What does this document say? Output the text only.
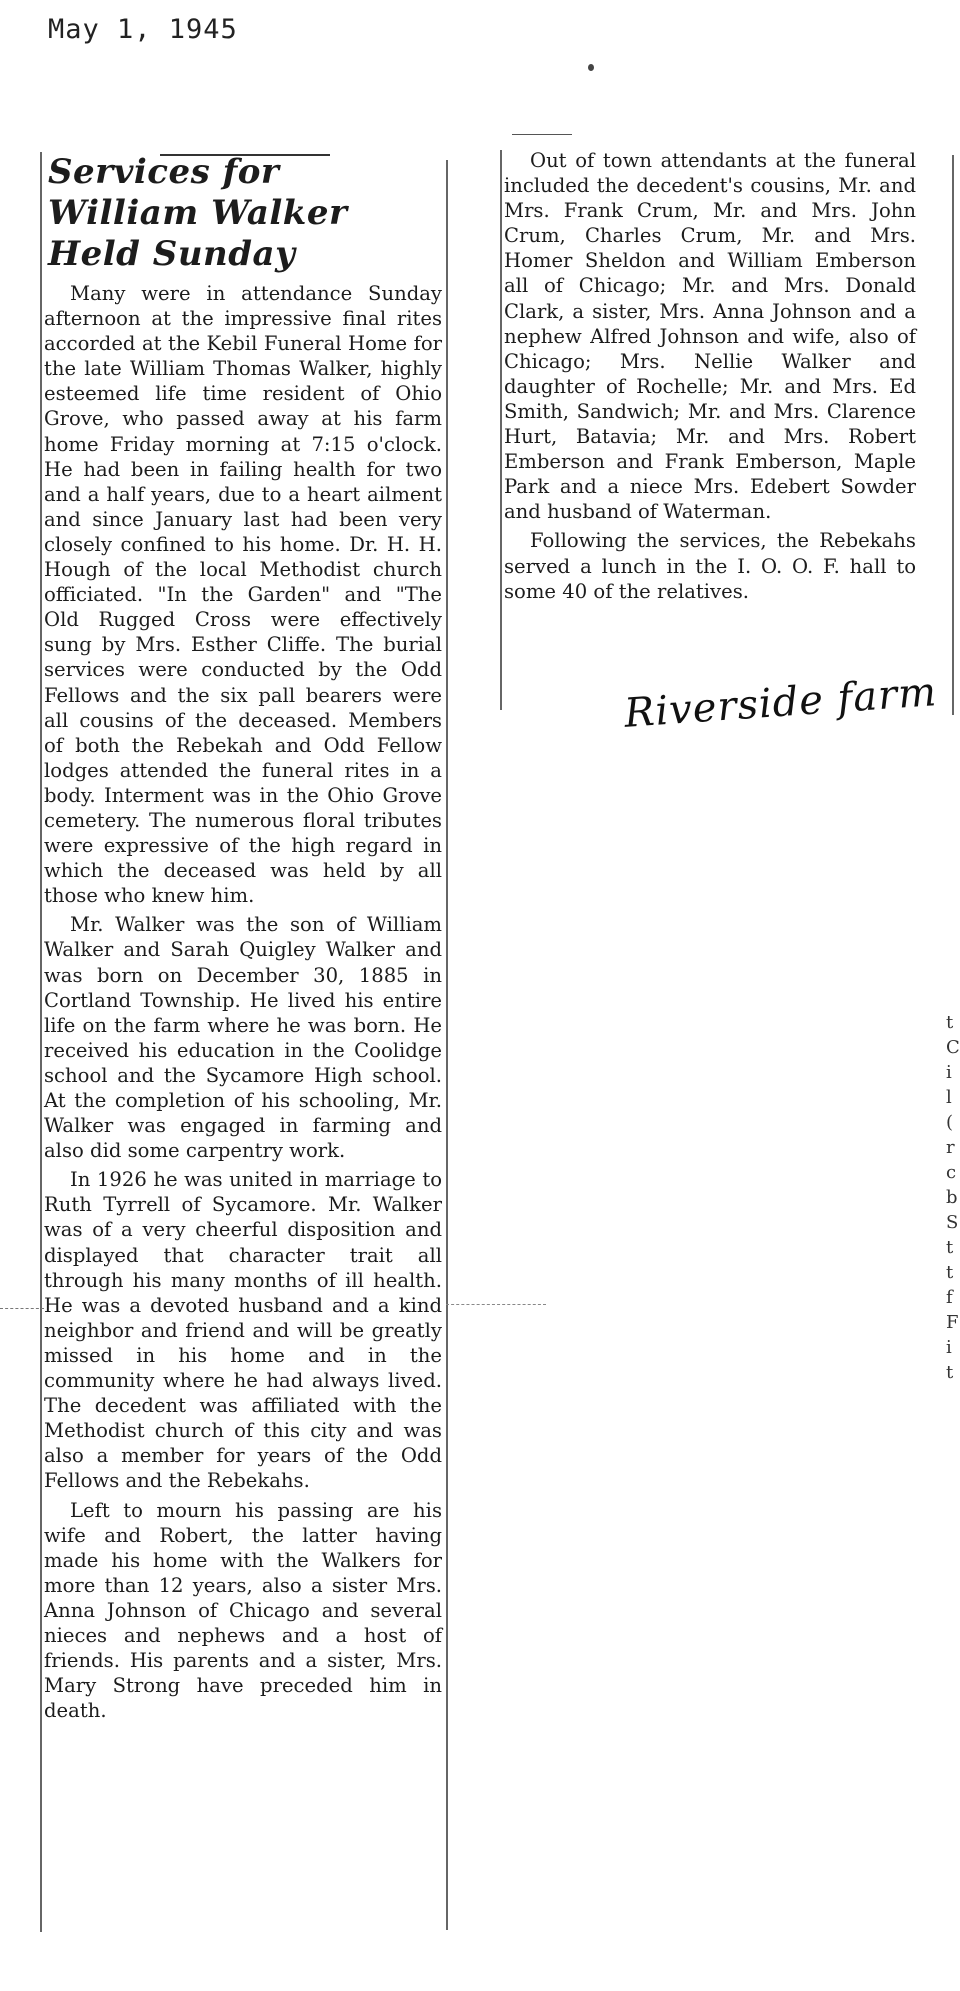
May 1, 1945
Services for William Walker Held Sunday

Many were in attendance Sunday afternoon at the impressive final rites accorded at the Kebil Funeral Home for the late William Thomas Walker, highly esteemed life time resident of Ohio Grove, who passed away at his farm home Friday morning at 7:15 o'clock. He had been in failing health for two and a half years, due to a heart ailment and since January last had been very closely confined to his home. Dr. H. H. Hough of the local Methodist church officiated. "In the Garden" and "The Old Rugged Cross were effectively sung by Mrs. Esther Cliffe. The burial services were conducted by the Odd Fellows and the six pall bearers were all cousins of the deceased. Members of both the Rebekah and Odd Fellow lodges attended the funeral rites in a body. Interment was in the Ohio Grove cemetery. The numerous floral tributes were expressive of the high regard in which the deceased was held by all those who knew him.

Mr. Walker was the son of William Walker and Sarah Quigley Walker and was born on December 30, 1885 in Cortland Township. He lived his entire life on the farm where he was born. He received his education in the Coolidge school and the Sycamore High school. At the completion of his schooling, Mr. Walker was engaged in farming and also did some carpentry work.

In 1926 he was united in marriage to Ruth Tyrrell of Sycamore. Mr. Walker was of a very cheerful disposition and displayed that character trait all through his many months of ill health. He was a devoted husband and a kind neighbor and friend and will be greatly missed in his home and in the community where he had always lived. The decedent was affiliated with the Methodist church of this city and was also a member for years of the Odd Fellows and the Rebekahs.

Left to mourn his passing are his wife and Robert, the latter having made his home with the Walkers for more than 12 years, also a sister Mrs. Anna Johnson of Chicago and several nieces and nephews and a host of friends. His parents and a sister, Mrs. Mary Strong have preceded him in death.

Out of town attendants at the funeral included the decedent's cousins, Mr. and Mrs. Frank Crum, Mr. and Mrs. John Crum, Charles Crum, Mr. and Mrs. Homer Sheldon and William Emberson all of Chicago; Mr. and Mrs. Donald Clark, a sister, Mrs. Anna Johnson and a nephew Alfred Johnson and wife, also of Chicago; Mrs. Nellie Walker and daughter of Rochelle; Mr. and Mrs. Ed Smith, Sandwich; Mr. and Mrs. Clarence Hurt, Batavia; Mr. and Mrs. Robert Emberson and Frank Emberson, Maple Park and a niece Mrs. Edebert Sowder and husband of Waterman.

Following the services, the Rebekahs served a lunch in the I. O. O. F. hall to some 40 of the relatives.

Riverside farm
t
C
i
l
(
r
c
b
S
t
t
f
F
i
t
